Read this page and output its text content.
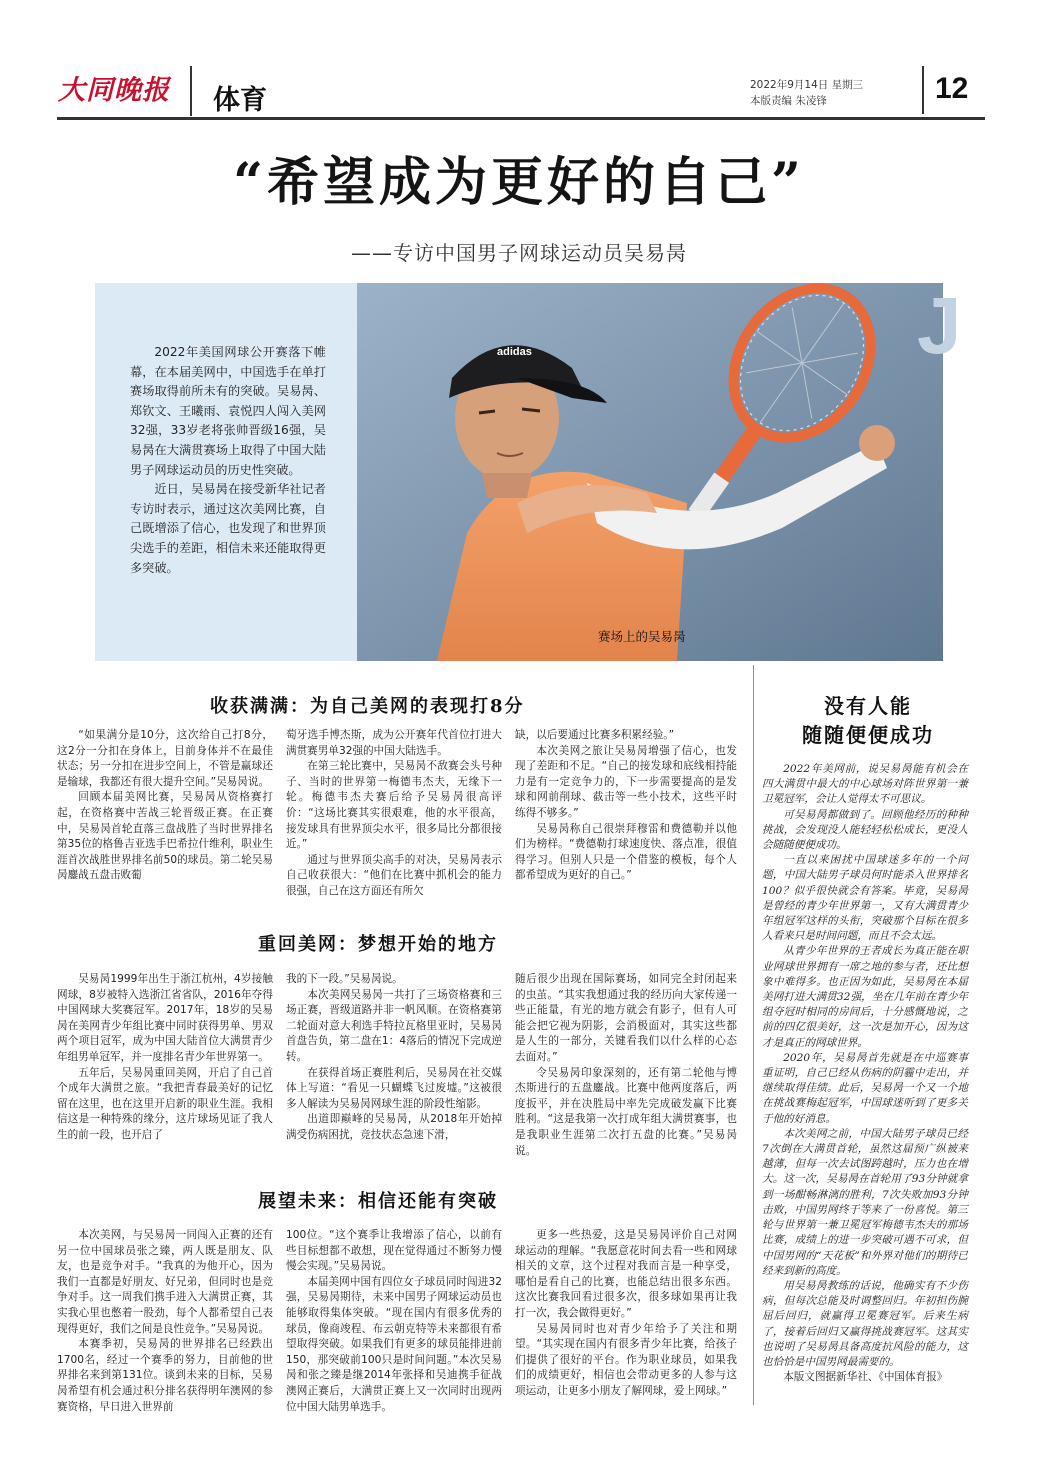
大同晚报 体育	2022年9月14日 星期三
本版责编 朱凌锋	12
“希望成为更好的自己”
——专访中国男子网球运动员吴易昺
J
adidas

2022年美国网球公开赛落下帷幕，在本届美网中，中国选手在单打赛场取得前所未有的突破。吴易昺、郑钦文、王曦雨、袁悦四人闯入美网32强，33岁老将张帅晋级16强，吴易昺在大满贯赛场上取得了中国大陆男子网球运动员的历史性突破。

近日，吴易昺在接受新华社记者专访时表示，通过这次美网比赛，自己既增添了信心，也发现了和世界顶尖选手的差距，相信未来还能取得更多突破。

赛场上的吴易昺
收获满满：为自己美网的表现打8分

“如果满分是10分，这次给自己打8分，这2分一分扣在身体上，目前身体并不在最佳状态；另一分扣在进步空间上，不管是赢球还是输球，我都还有很大提升空间。”吴易昺说。

回顾本届美网比赛，吴易昺从资格赛打起，在资格赛中苦战三轮晋级正赛。在正赛中，吴易昺首轮直落三盘战胜了当时世界排名第35位的格鲁吉亚选手巴希拉什维利，职业生涯首次战胜世界排名前50的球员。第二轮吴易昺鏖战五盘击败葡

萄牙选手博杰斯，成为公开赛年代首位打进大满贯赛男单32强的中国大陆选手。

在第三轮比赛中，吴易昺不敌赛会头号种子、当时的世界第一梅德韦杰夫，无缘下一轮。梅德韦杰夫赛后给予吴易昺很高评价：“这场比赛其实很艰难，他的水平很高，接发球具有世界顶尖水平，很多局比分都很接近。”

通过与世界顶尖高手的对决，吴易昺表示自己收获很大：“他们在比赛中抓机会的能力很强，自己在这方面还有所欠

缺，以后要通过比赛多积累经验。”

本次美网之旅让吴易昺增强了信心，也发现了差距和不足。“自己的接发球和底线相持能力是有一定竞争力的，下一步需要提高的是发球和网前削球、截击等一些小技术，这些平时练得不够多。”

吴易昺称自己很崇拜穆雷和费德勒并以他们为榜样。“费德勒打球速度快、落点准，很值得学习。但别人只是一个借鉴的模板，每个人都希望成为更好的自己。”

重回美网：梦想开始的地方

吴易昺1999年出生于浙江杭州，4岁接触网球，8岁被特入选浙江省省队，2016年夺得中国网球大奖赛冠军。2017年，18岁的吴易昺在美网青少年组比赛中同时获得男单、男双两个项目冠军，成为中国大陆首位大满贯青少年组男单冠军，并一度排名青少年世界第一。

五年后，吴易昺重回美网，开启了自己首个成年大满贯之旅。“我把青春最美好的记忆留在这里，也在这里开启新的职业生涯。我相信这是一种特殊的缘分，这片球场见证了我人生的前一段，也开启了

我的下一段。”吴易昺说。

本次美网吴易昺一共打了三场资格赛和三场正赛，晋级道路并非一帆风顺。在资格赛第二轮面对意大利选手特拉瓦格里亚时，吴易昺首盘告负，第二盘在1：4落后的情况下完成逆转。

在获得首场正赛胜利后，吴易昺在社交媒体上写道：“看见一只蝴蝶飞过废墟。”这被很多人解读为吴易昺网球生涯的阶段性缩影。

出道即巅峰的吴易昺，从2018年开始掉满受伤病困扰，竞技状态急速下滑，

随后很少出现在国际赛场，如同完全封闭起来的虫茧。“其实我想通过我的经历向大家传递一些正能量，有光的地方就会有影子，但有人可能会把它视为阴影，会消极面对，其实这些都是人生的一部分，关键看我们以什么样的心态去面对。”

令吴易昺印象深刻的，还有第二轮他与博杰斯进行的五盘鏖战。比赛中他两度落后，两度扳平，并在决胜局中率先完成破发赢下比赛胜利。“这是我第一次打成年组大满贯赛事，也是我职业生涯第二次打五盘的比赛。”吴易昺说。

展望未来：相信还能有突破

本次美网，与吴易昺一同闯入正赛的还有另一位中国球员张之臻，两人既是朋友、队友，也是竞争对手。“我真的为他开心，因为我们一直都是好朋友、好兄弟，但同时也是竞争对手。这一周我们携手进入大满贯正赛，其实我心里也憋着一股劲，每个人都希望自己表现得更好，我们之间是良性竞争。”吴易昺说。

本赛季初，吴易昺的世界排名已经跌出1700名，经过一个赛季的努力，目前他的世界排名来到第131位。谈到未来的目标，吴易昺希望有机会通过积分排名获得明年澳网的参赛资格，早日进入世界前

100位。“这个赛季让我增添了信心，以前有些目标想都不敢想，现在觉得通过不断努力慢慢会实现。”吴易昺说。

本届美网中国有四位女子球员同时闯进32强，吴易昺期待，未来中国男子网球运动员也能够取得集体突破。“现在国内有很多优秀的球员，像商竣程、布云朝克特等未来都很有希望取得突破。如果我们有更多的球员能排进前150，那突破前100只是时间问题。”本次吴易昺和张之臻是继2014年张择和吴迪携手征战澳网正赛后，大满贯正赛上又一次同时出现两位中国大陆男单选手。

更多一些热爱，这是吴易昺评价自己对网球运动的理解。“我愿意花时间去看一些和网球相关的文章，这个过程对我而言是一种享受，哪怕是看自己的比赛，也能总结出很多东西。这次比赛我回看过很多次，很多球如果再让我打一次，我会做得更好。”

吴易昺同时也对青少年给予了关注和期望。“其实现在国内有很多青少年比赛，给孩子们提供了很好的平台。作为职业球员，如果我们的成绩更好，相信也会带动更多的人参与这项运动，让更多小朋友了解网球，爱上网球。”

没有人能
随随便便成功

2022年美网前，说吴易昺能有机会在四大满贯中最大的中心球场对阵世界第一兼卫冕冠军，会让人觉得太不可思议。

可吴易昺都做到了。回顾他经历的种种挑战，会发现没人能轻轻松松成长，更没人会随随便便成功。

一直以来困扰中国球迷多年的一个问题，中国大陆男子球员何时能杀入世界排名100？似乎很快就会有答案。毕竟，吴易昺是曾经的青少年世界第一，又有大满贯青少年组冠军这样的头衔，突破那个目标在很多人看来只是时间问题，而且不会太远。

从青少年世界的王者成长为真正能在职业网球世界拥有一席之地的参与者，还比想象中难得多。也正因为如此，吴易昺在本届美网打进大满贯32强，坐在几年前在青少年组夺冠时相同的房间后，十分感慨地说，之前的四亿很美好，这一次是加开心，因为这才是真正的网球世界。

2020年，吴易昺首先就是在中巡赛事重证明，自己已经从伤病的阴霾中走出，并继续取得佳绩。此后，吴易昺一个又一个地在挑战赛梅起冠军，中国球迷听到了更多关于他的好消息。

本次美网之前，中国大陆男子球员已经7次倒在大满贯首轮，虽然这届预广纵被来越薄，但每一次去试图跨越时，压力也在增大。这一次，吴易昺在首轮用了93分钟就拿到一场酣畅淋漓的胜利，7次失败加93分钟击败，中国男网终于等来了一份喜悦。第三轮与世界第一兼卫冕冠军梅德韦杰夫的那场比赛，成绩上的进一步突破可遇不可求，但中国男网的“天花板”和外界对他们的期待已经来到新的高度。

用吴易昺教练的话说，他确实有不少伤病，但每次总能及时调整回归。年初担伤腕屈后回归，就赢得卫冕赛冠军。后来生病了，接着后回归又赢得挑战赛冠军。这其实也说明了吴易昺具备高度抗风险的能力，这也恰恰是中国男网最需要的。

本版文图据新华社、《中国体育报》
